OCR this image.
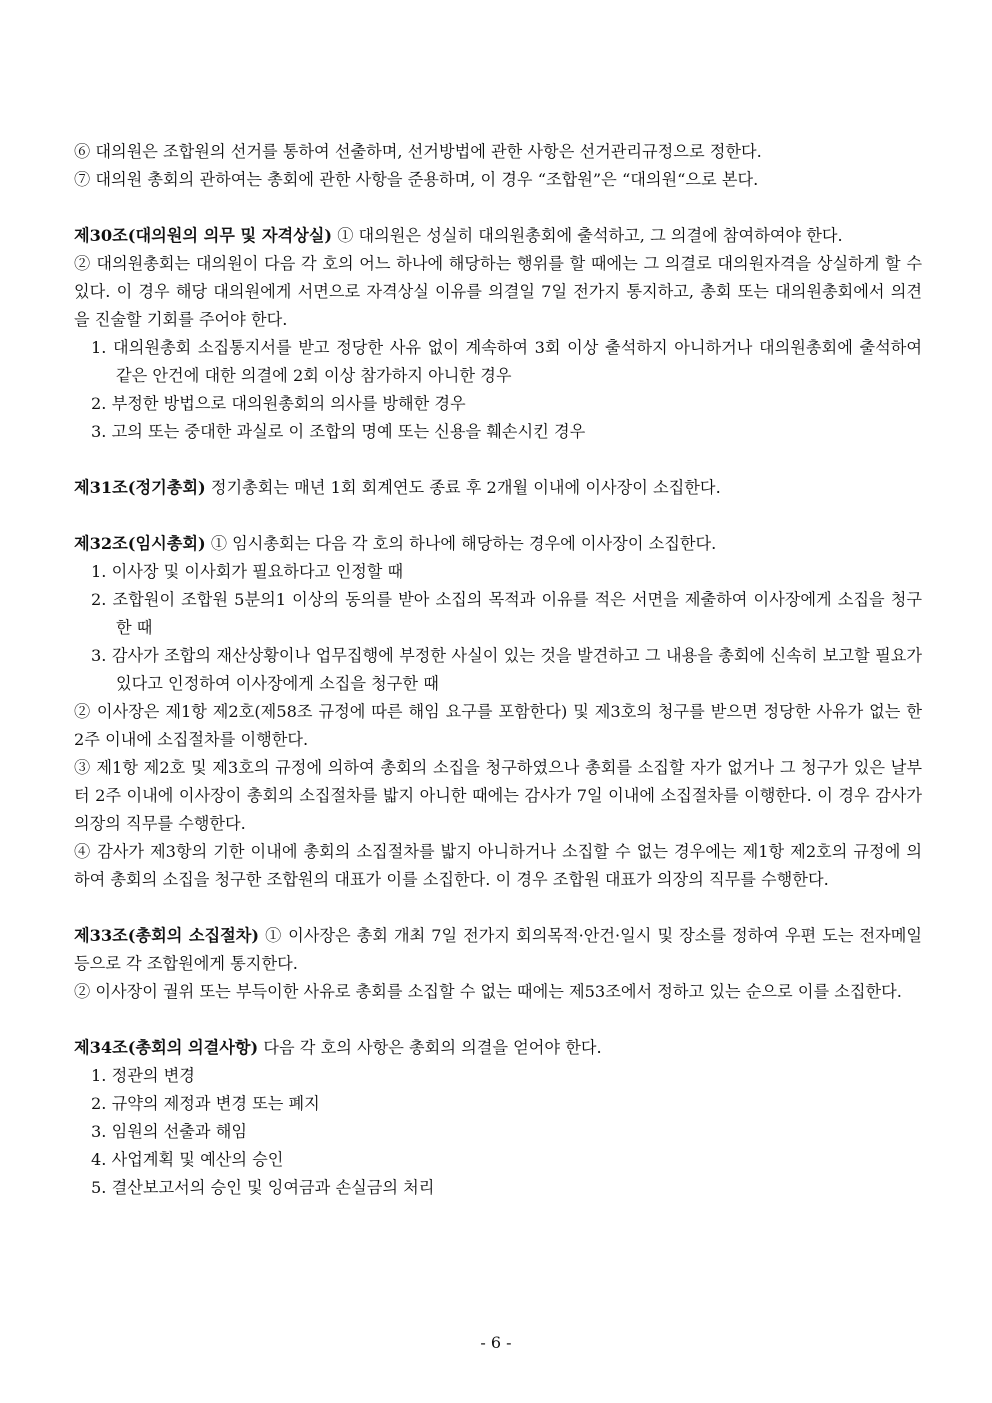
⑥ 대의원은 조합원의 선거를 통하여 선출하며, 선거방법에 관한 사항은 선거관리규정으로 정한다.

⑦ 대의원 총회의 관하여는 총회에 관한 사항을 준용하며, 이 경우 “조합원”은 “대의원“으로 본다.

제30조(대의원의 의무 및 자격상실) ① 대의원은 성실히 대의원총회에 출석하고, 그 의결에 참여하여야 한다.

② 대의원총회는 대의원이 다음 각 호의 어느 하나에 해당하는 행위를 할 때에는 그 의결로 대의원자격을 상실하게 할 수 있다. 이 경우 해당 대의원에게 서면으로 자격상실 이유를 의결일 7일 전가지 통지하고, 총회 또는 대의원총회에서 의견을 진술할 기회를 주어야 한다.

1. 대의원총회 소집통지서를 받고 정당한 사유 없이 계속하여 3회 이상 출석하지 아니하거나 대의원총회에 출석하여 같은 안건에 대한 의결에 2회 이상 참가하지 아니한 경우

2. 부정한 방법으로 대의원총회의 의사를 방해한 경우

3. 고의 또는 중대한 과실로 이 조합의 명예 또는 신용을 훼손시킨 경우

제31조(정기총회) 정기총회는 매년 1회 회계연도 종료 후 2개월 이내에 이사장이 소집한다.

제32조(임시총회) ① 임시총회는 다음 각 호의 하나에 해당하는 경우에 이사장이 소집한다.

1. 이사장 및 이사회가 필요하다고 인정할 때

2. 조합원이 조합원 5분의1 이상의 동의를 받아 소집의 목적과 이유를 적은 서면을 제출하여 이사장에게 소집을 청구한 때

3. 감사가 조합의 재산상황이나 업무집행에 부정한 사실이 있는 것을 발견하고 그 내용을 총회에 신속히 보고할 필요가 있다고 인정하여 이사장에게 소집을 청구한 때

② 이사장은 제1항 제2호(제58조 규정에 따른 해임 요구를 포함한다) 및 제3호의 청구를 받으면 정당한 사유가 없는 한 2주 이내에 소집절차를 이행한다.

③ 제1항 제2호 및 제3호의 규정에 의하여 총회의 소집을 청구하였으나 총회를 소집할 자가 없거나 그 청구가 있은 날부터 2주 이내에 이사장이 총회의 소집절차를 밟지 아니한 때에는 감사가 7일 이내에 소집절차를 이행한다. 이 경우 감사가 의장의 직무를 수행한다.

④ 감사가 제3항의 기한 이내에 총회의 소집절차를 밟지 아니하거나 소집할 수 없는 경우에는 제1항 제2호의 규정에 의하여 총회의 소집을 청구한 조합원의 대표가 이를 소집한다. 이 경우 조합원 대표가 의장의 직무를 수행한다.

제33조(총회의 소집절차) ① 이사장은 총회 개최 7일 전가지 회의목적·안건·일시 및 장소를 정하여 우편 도는 전자메일 등으로 각 조합원에게 통지한다.

② 이사장이 궐위 또는 부득이한 사유로 총회를 소집할 수 없는 때에는 제53조에서 정하고 있는 순으로 이를 소집한다.

제34조(총회의 의결사항) 다음 각 호의 사항은 총회의 의결을 얻어야 한다.

1. 정관의 변경

2. 규약의 제정과 변경 또는 폐지

3. 임원의 선출과 해임

4. 사업계획 및 예산의 승인

5. 결산보고서의 승인 및 잉여금과 손실금의 처리

- 6 -
